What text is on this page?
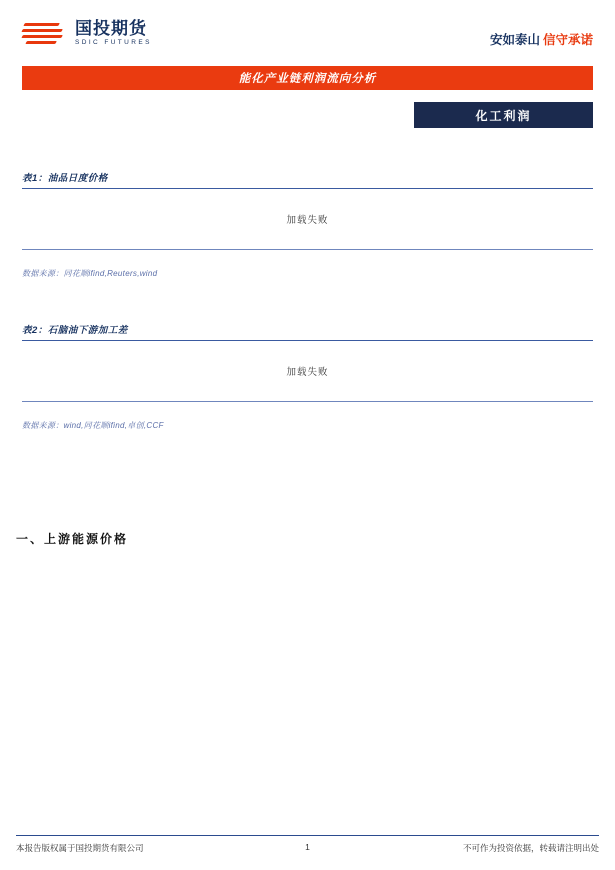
国投期货
SDIC FUTURES	安如泰山 信守承诺
能化产业链利润流向分析
化工利润
表1：油品日度价格
加载失败
数据来源：同花顺ifind,Reuters,wind
表2：石脑油下游加工差
加载失败
数据来源：wind,同花顺ifind,卓创,CCF
一、上游能源价格
本报告版权属于国投期货有限公司	1	不可作为投资依据，转载请注明出处
